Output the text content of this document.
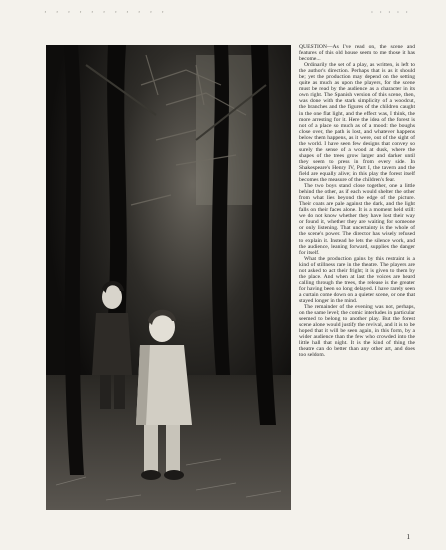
· · · · · · · · · · ·	· · · · ·

QUESTION—As I've read on, the scene and features of this old house seem to me those it has become...

Ordinarily the set of a play, as written, is left to the author's direction. Perhaps that is as it should be; yet the production may depend on the setting quite as much as upon the players, for the scene must be read by the audience as a character in its own right. The Spanish version of this scene, then, was done with the stark simplicity of a woodcut, the branches and the figures of the children caught in the one flat light, and the effect was, I think, the more arresting for it. Here the idea of the forest is not of a place so much as of a mood: the boughs close over, the path is lost, and whatever happens below them happens, as it were, out of the sight of the world. I have seen few designs that convey so surely the sense of a wood at dusk, where the shapes of the trees grow larger and darker until they seem to press in from every side. In Shakespeare's Henry IV, Part I, the tavern and the field are equally alive; in this play the forest itself becomes the measure of the children's fear.

The two boys stand close together, one a little behind the other, as if each would shelter the other from what lies beyond the edge of the picture. Their coats are pale against the dark, and the light falls on their faces alone. It is a moment held still: we do not know whether they have lost their way or found it, whether they are waiting for someone or only listening. That uncertainty is the whole of the scene's power. The director has wisely refused to explain it. Instead he lets the silence work, and the audience, leaning forward, supplies the danger for itself.

What the production gains by this restraint is a kind of stillness rare in the theatre. The players are not asked to act their fright; it is given to them by the place. And when at last the voices are heard calling through the trees, the release is the greater for having been so long delayed. I have rarely seen a curtain come down on a quieter scene, or one that stayed longer in the mind.

The remainder of the evening was not, perhaps, on the same level; the comic interludes in particular seemed to belong to another play. But the forest scene alone would justify the revival, and it is to be hoped that it will be seen again, in this form, by a wider audience than the few who crowded into the little hall that night. It is the kind of thing the theatre can do better than any other art, and does too seldom.

1
